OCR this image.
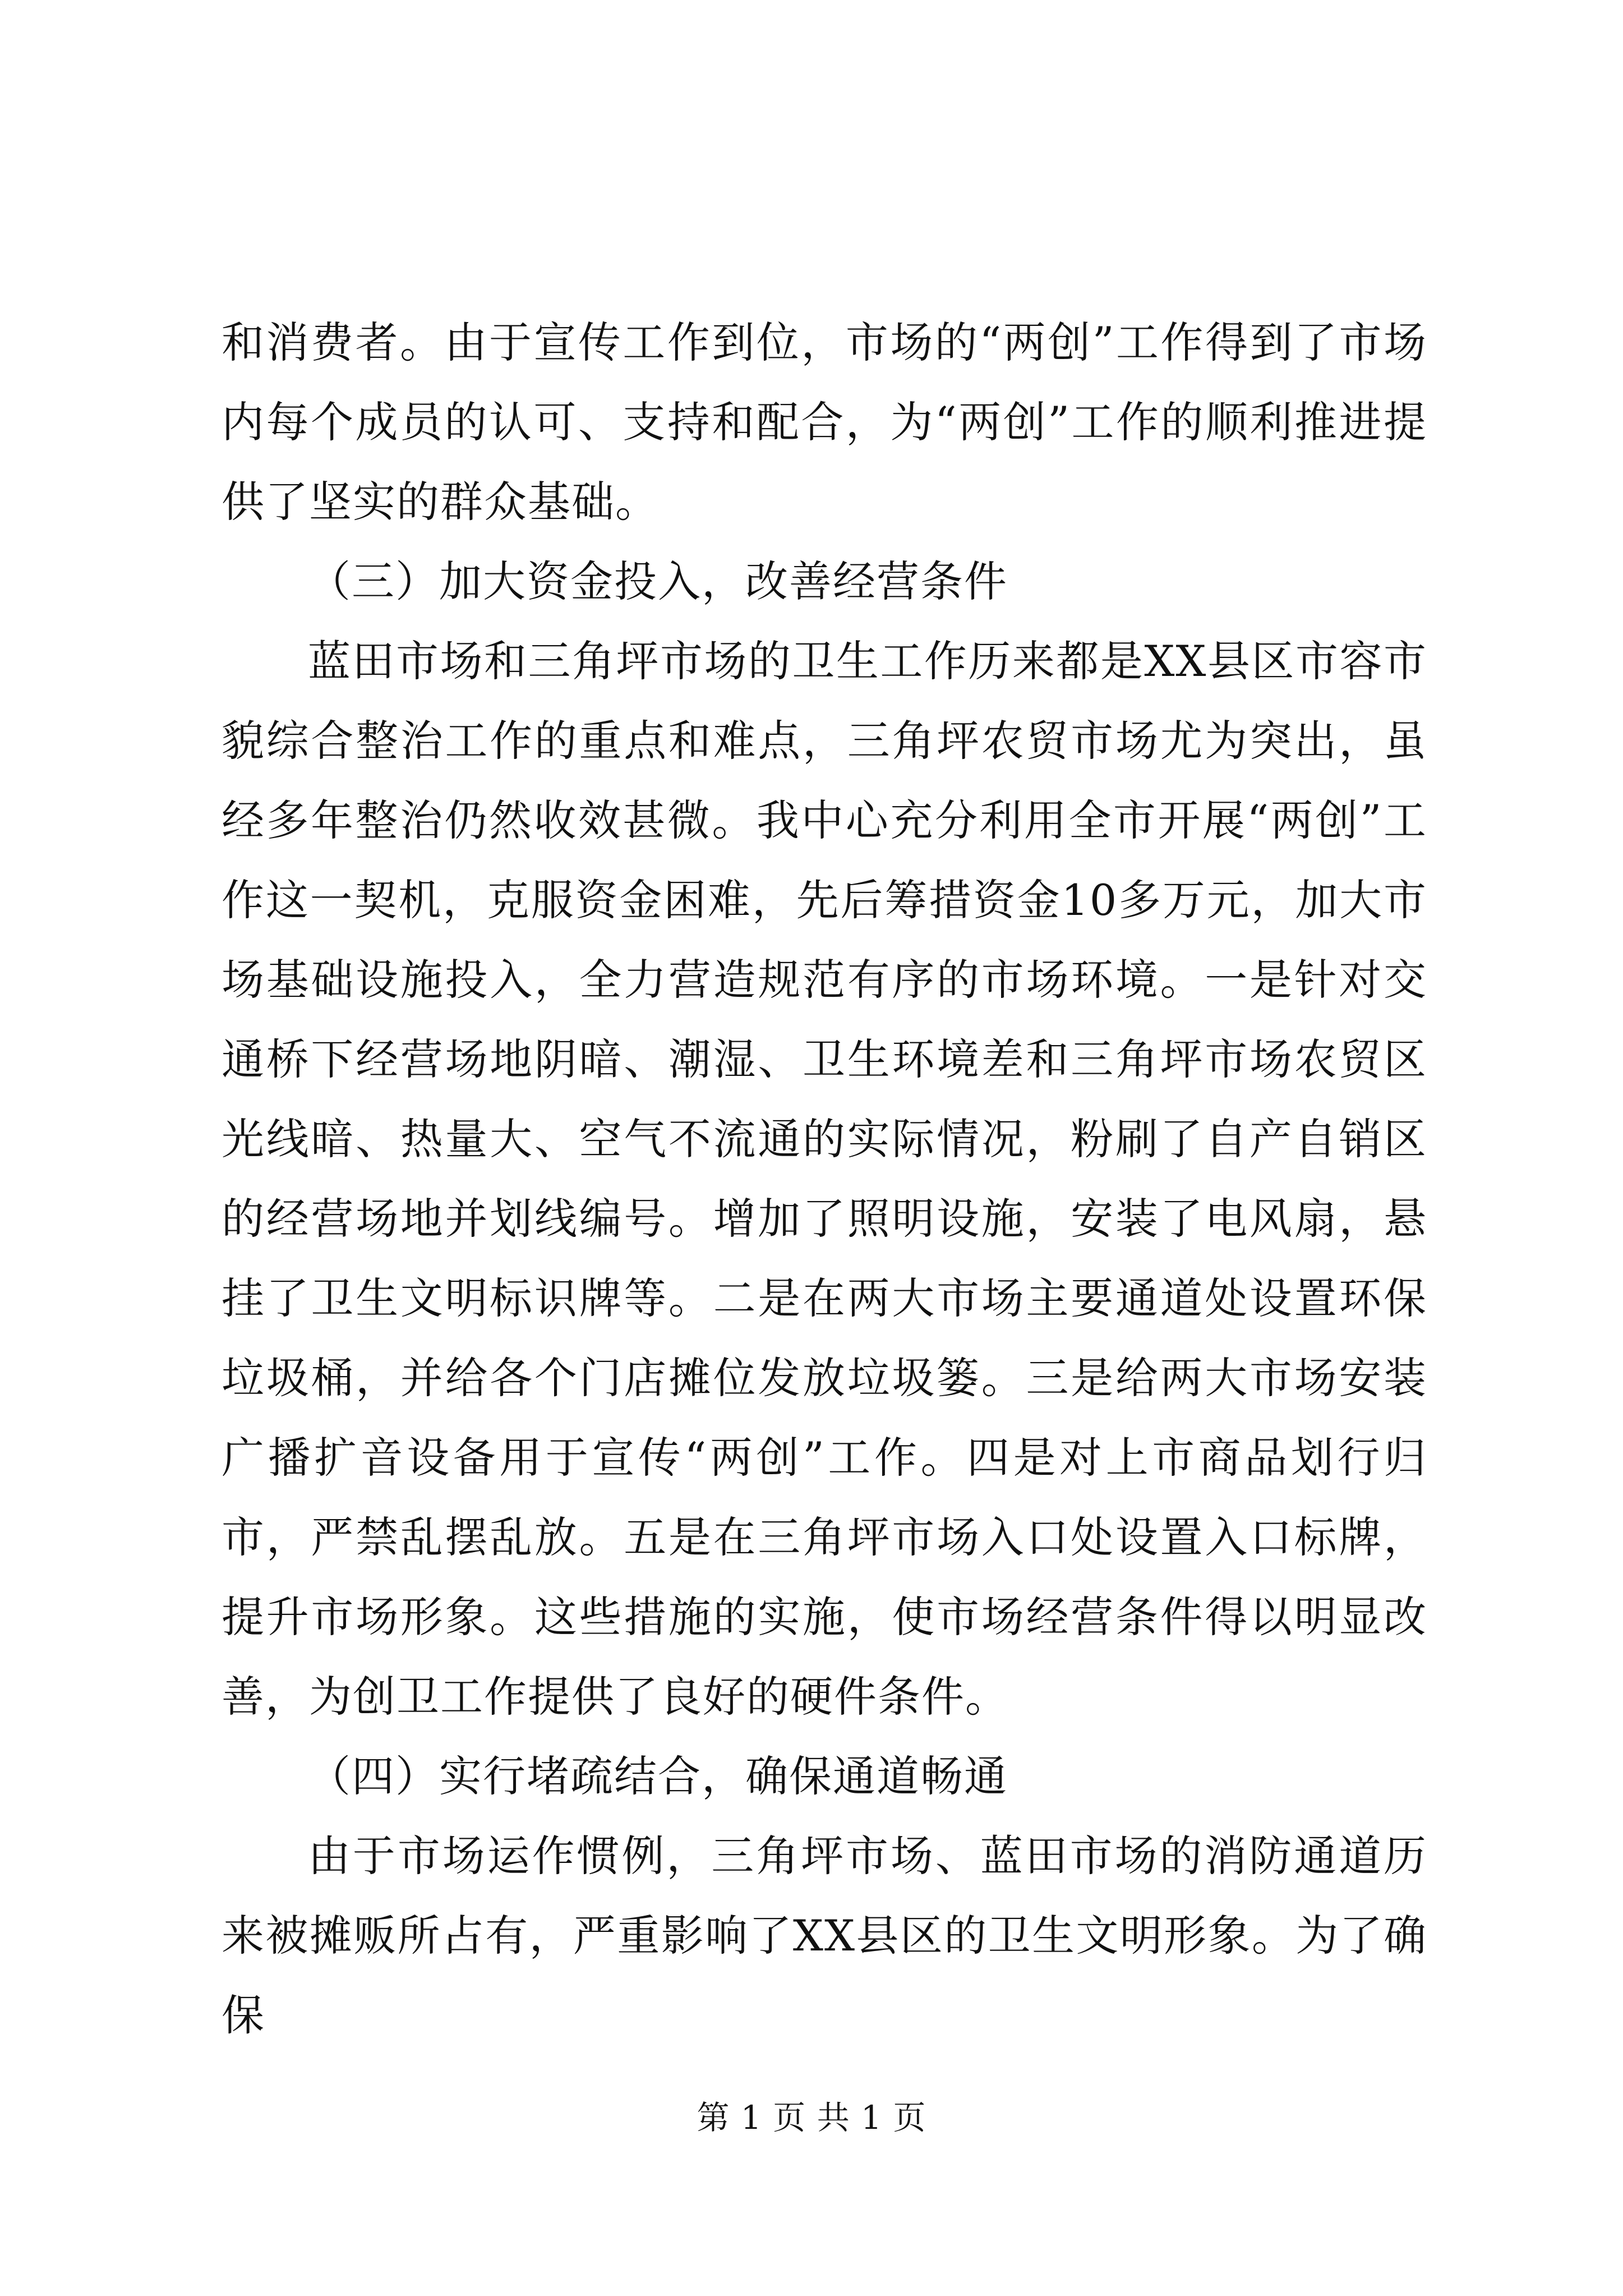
和消费者。由于宣传工作到位，市场的“两创”工作得到了市场内每个成员的认可、支持和配合，为“两创”工作的顺利推进提供了坚实的群众基础。

（三）加大资金投入，改善经营条件

蓝田市场和三角坪市场的卫生工作历来都是XX县区市容市貌综合整治工作的重点和难点，三角坪农贸市场尤为突出，虽经多年整治仍然收效甚微。我中心充分利用全市开展“两创”工作这一契机，克服资金困难，先后筹措资金10多万元，加大市场基础设施投入，全力营造规范有序的市场环境。一是针对交通桥下经营场地阴暗、潮湿、卫生环境差和三角坪市场农贸区光线暗、热量大、空气不流通的实际情况，粉刷了自产自销区的经营场地并划线编号。增加了照明设施，安装了电风扇，悬挂了卫生文明标识牌等。二是在两大市场主要通道处设置环保垃圾桶，并给各个门店摊位发放垃圾篓。三是给两大市场安装广播扩音设备用于宣传“两创”工作。四是对上市商品划行归市，严禁乱摆乱放。五是在三角坪市场入口处设置入口标牌，提升市场形象。这些措施的实施，使市场经营条件得以明显改善，为创卫工作提供了良好的硬件条件。

（四）实行堵疏结合，确保通道畅通

由于市场运作惯例，三角坪市场、蓝田市场的消防通道历来被摊贩所占有，严重影响了XX县区的卫生文明形象。为了确保

第 1 页 共 1 页
